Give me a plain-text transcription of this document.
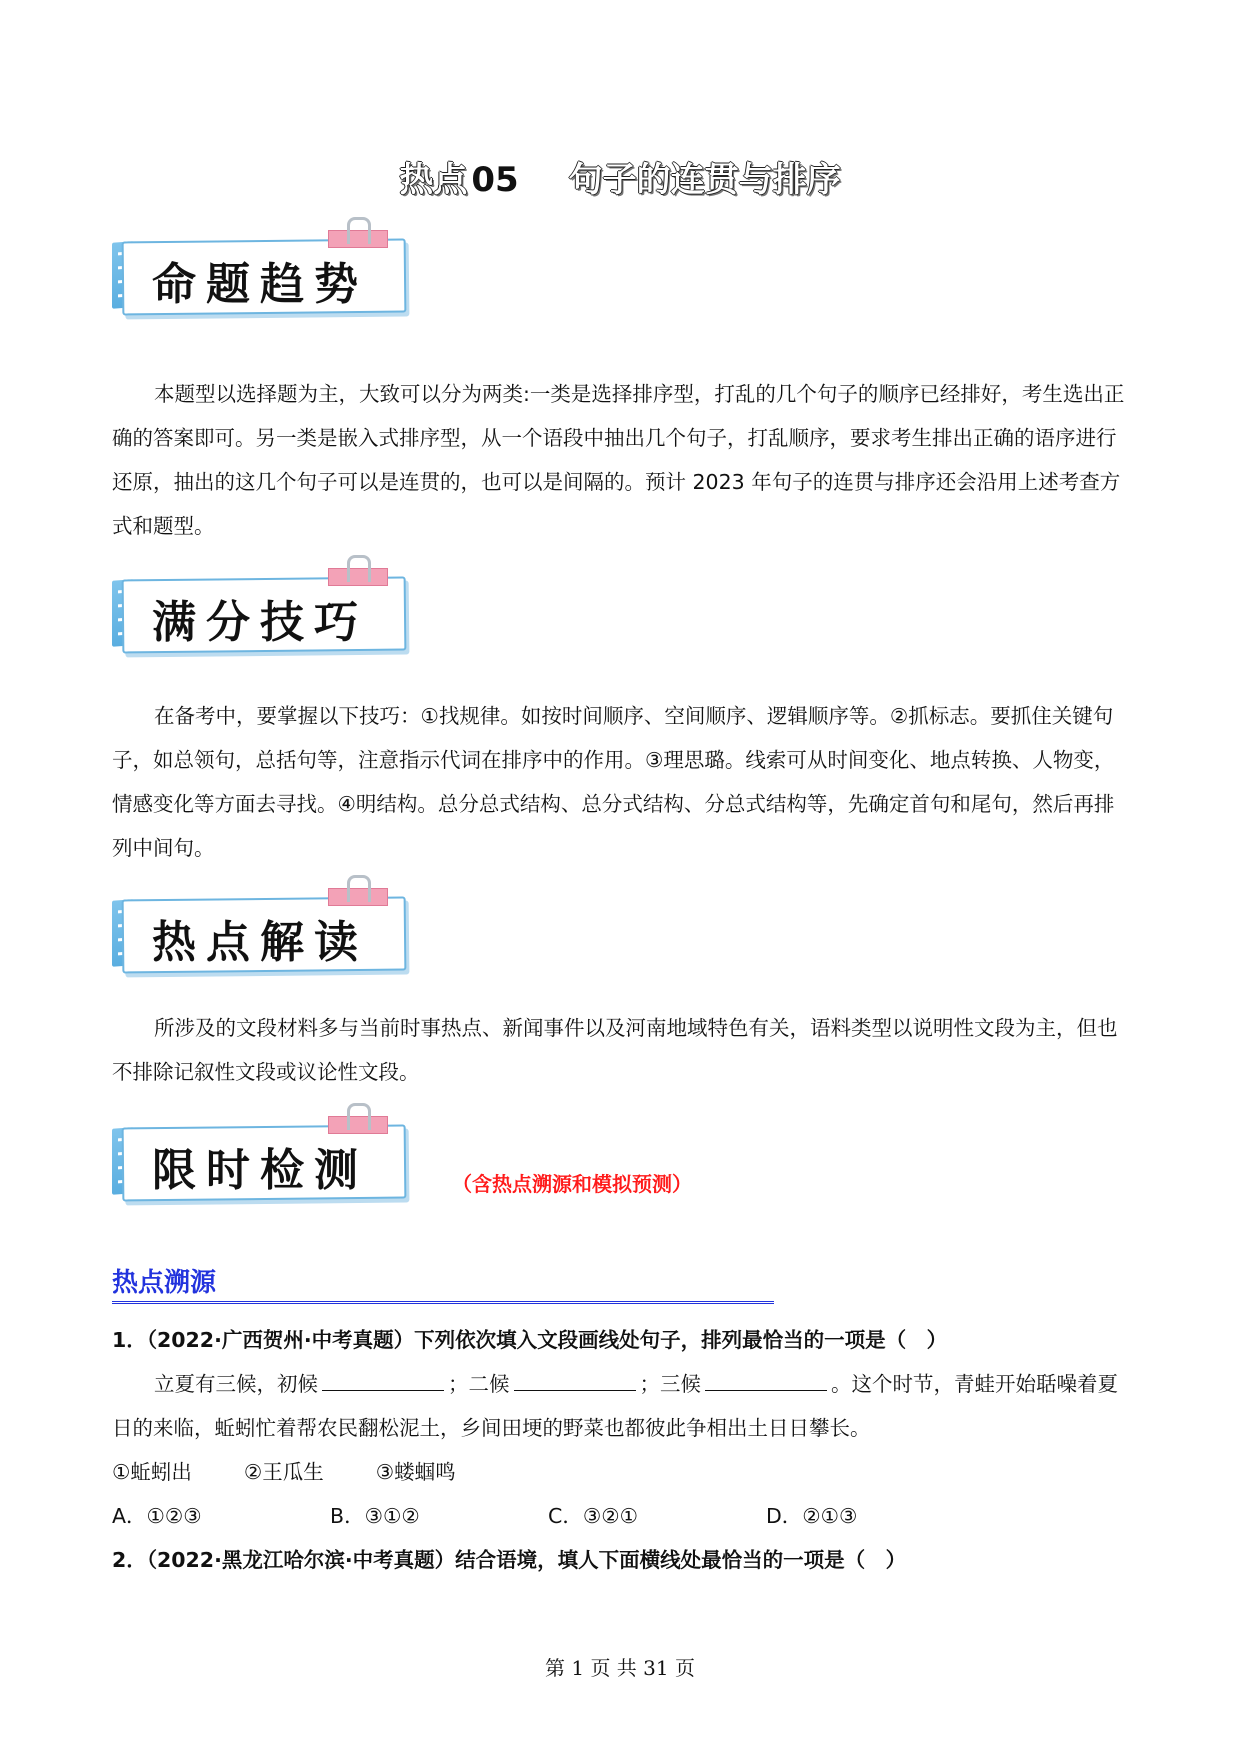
热点 05 句子的连贯与排序
命题趋势

本题型以选择题为主，大致可以分为两类:一类是选择排序型，打乱的几个句子的顺序已经排好，考生选出正确的答案即可。另一类是嵌入式排序型，从一个语段中抽出几个句子，打乱顺序，要求考生排出正确的语序进行还原，抽出的这几个句子可以是连贯的，也可以是间隔的。预计 2023 年句子的连贯与排序还会沿用上述考查方式和题型。

满分技巧

在备考中，要掌握以下技巧：①找规律。如按时间顺序、空间顺序、逻辑顺序等。②抓标志。要抓住关键句子，如总领句，总括句等，注意指示代词在排序中的作用。③理思璐。线索可从时间变化、地点转换、人物变，情感变化等方面去寻找。④明结构。总分总式结构、总分式结构、分总式结构等，先确定首句和尾句，然后再排列中间句。

热点解读

所涉及的文段材料多与当前时事热点、新闻事件以及河南地域特色有关，语料类型以说明性文段为主，但也不排除记叙性文段或议论性文段。

限时检测	（含热点溯源和模拟预测）
热点溯源

1．（2022·广西贺州·中考真题）下列依次填入文段画线处句子，排列最恰当的一项是（　）

立夏有三候，初候	；二候	；三候	。这个时节，青蛙开始聒噪着夏日的来临，蚯蚓忙着帮农民翻松泥土，乡间田埂的野菜也都彼此争相出土日日攀长。

①蚯蚓出	②王瓜生	③蝼蝈鸣

A．①②③	B．③①②	C．③②①	D．②①③

2．（2022·黑龙江哈尔滨·中考真题）结合语境，填人下面横线处最恰当的一项是（　）

第 1 页 共 31 页
